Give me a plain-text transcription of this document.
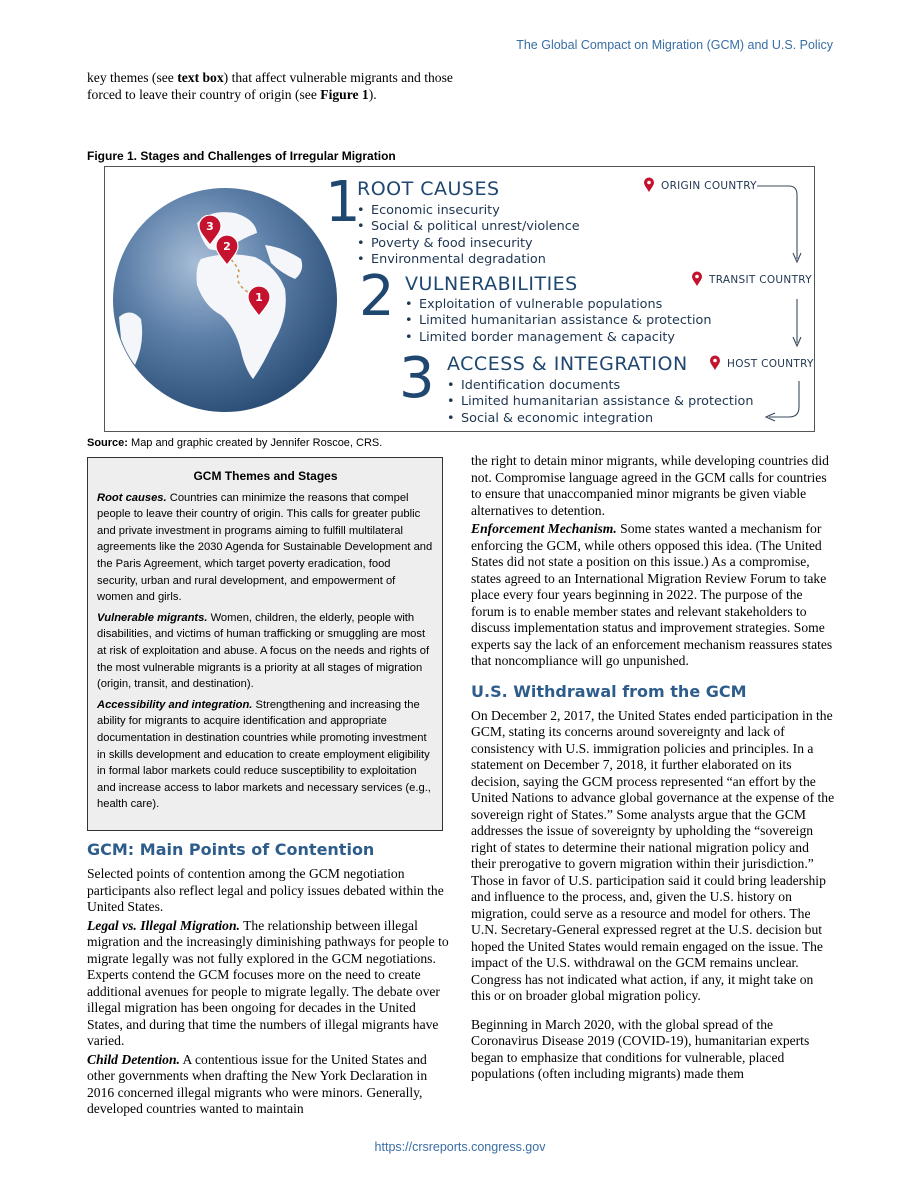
The Global Compact on Migration (GCM) and U.S. Policy
key themes (see text box) that affect vulnerable migrants and those forced to leave their country of origin (see Figure 1).
Figure 1. Stages and Challenges of Irregular Migration
1
2
3 1
ROOT CAUSES
• Economic insecurity
• Social & political unrest/violence
• Poverty & food insecurity
• Environmental degradation
2 VULNERABILITIES
• Exploitation of vulnerable populations
• Limited humanitarian assistance & protection
• Limited border management & capacity
3 ACCESS & INTEGRATION
• Identification documents
• Limited humanitarian assistance & protection
• Social & economic integration
ORIGIN COUNTRY
TRANSIT COUNTRY
HOST COUNTRY
Source: Map and graphic created by Jennifer Roscoe, CRS.
GCM Themes and Stages

Root causes. Countries can minimize the reasons that compel people to leave their country of origin. This calls for greater public and private investment in programs aiming to fulfill multilateral agreements like the 2030 Agenda for Sustainable Development and the Paris Agreement, which target poverty eradication, food security, urban and rural development, and empowerment of women and girls.

Vulnerable migrants. Women, children, the elderly, people with disabilities, and victims of human trafficking or smuggling are most at risk of exploitation and abuse. A focus on the needs and rights of the most vulnerable migrants is a priority at all stages of migration (origin, transit, and destination).

Accessibility and integration. Strengthening and increasing the ability for migrants to acquire identification and appropriate documentation in destination countries while promoting investment in skills development and education to create employment eligibility in formal labor markets could reduce susceptibility to exploitation and increase access to labor markets and necessary services (e.g., health care).

GCM: Main Points of Contention

Selected points of contention among the GCM negotiation participants also reflect legal and policy issues debated within the United States.

Legal vs. Illegal Migration. The relationship between illegal migration and the increasingly diminishing pathways for people to migrate legally was not fully explored in the GCM negotiations. Experts contend the GCM focuses more on the need to create additional avenues for people to migrate legally. The debate over illegal migration has been ongoing for decades in the United States, and during that time the numbers of illegal migrants have varied.

Child Detention. A contentious issue for the United States and other governments when drafting the New York Declaration in 2016 concerned illegal migrants who were minors. Generally, developed countries wanted to maintain

the right to detain minor migrants, while developing countries did not. Compromise language agreed in the GCM calls for countries to ensure that unaccompanied minor migrants be given viable alternatives to detention.

Enforcement Mechanism. Some states wanted a mechanism for enforcing the GCM, while others opposed this idea. (The United States did not state a position on this issue.) As a compromise, states agreed to an International Migration Review Forum to take place every four years beginning in 2022. The purpose of the forum is to enable member states and relevant stakeholders to discuss implementation status and improvement strategies. Some experts say the lack of an enforcement mechanism reassures states that noncompliance will go unpunished.

U.S. Withdrawal from the GCM

On December 2, 2017, the United States ended participation in the GCM, stating its concerns around sovereignty and lack of consistency with U.S. immigration policies and principles. In a statement on December 7, 2018, it further elaborated on its decision, saying the GCM process represented “an effort by the United Nations to advance global governance at the expense of the sovereign right of States.” Some analysts argue that the GCM addresses the issue of sovereignty by upholding the “sovereign right of states to determine their national migration policy and their prerogative to govern migration within their jurisdiction.” Those in favor of U.S. participation said it could bring leadership and influence to the process, and, given the U.S. history on migration, could serve as a resource and model for others. The U.N. Secretary-General expressed regret at the U.S. decision but hoped the United States would remain engaged on the issue. The impact of the U.S. withdrawal on the GCM remains unclear. Congress has not indicated what action, if any, it might take on this or on broader global migration policy.

Beginning in March 2020, with the global spread of the Coronavirus Disease 2019 (COVID-19), humanitarian experts began to emphasize that conditions for vulnerable, placed populations (often including migrants) made them

https://crsreports.congress.gov
